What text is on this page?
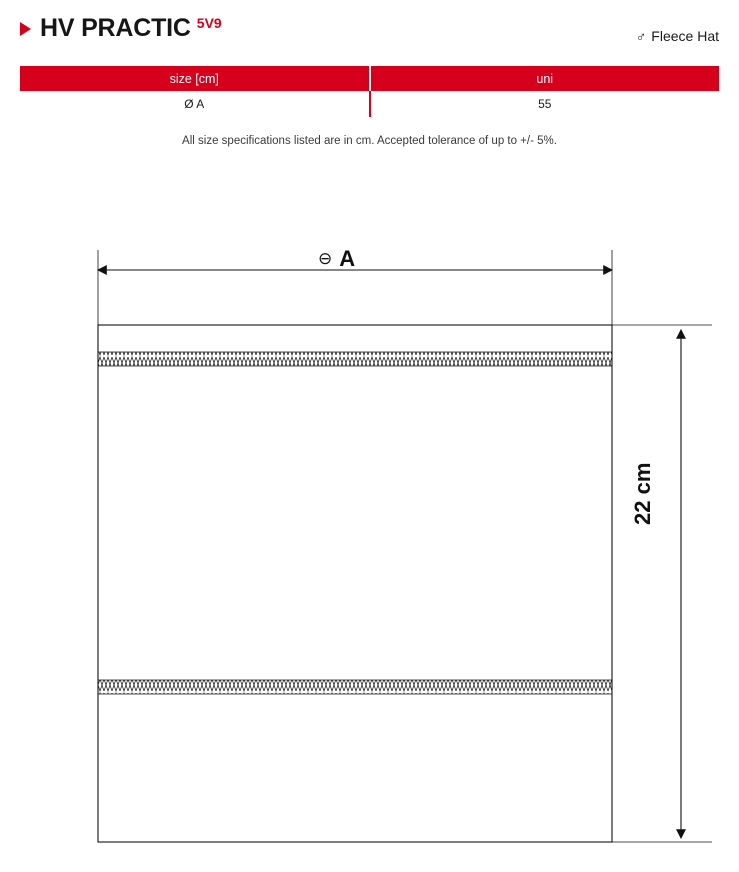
HV PRACTIC 5V9
♂ Fleece Hat
size [cm]	uni
Ø A	55
All size specifications listed are in cm. Accepted tolerance of up to +/- 5%.
⊖ A
22 cm
